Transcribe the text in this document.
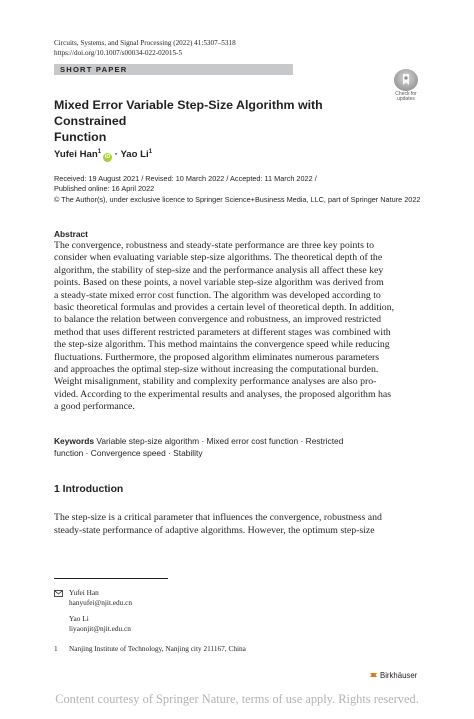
Circuits, Systems, and Signal Processing (2022) 41:5307–5318
https://doi.org/10.1007/s00034-022-02015-5
SHORT PAPER
Check for
updates
Mixed Error Variable Step-Size Algorithm with Constrained
Function
Yufei Han$^1$iD · Yao Li$^1$
Received: 19 August 2021 / Revised: 10 March 2022 / Accepted: 11 March 2022 /
Published online: 16 April 2022
© The Author(s), under exclusive licence to Springer Science+Business Media, LLC, part of Springer Nature 2022
Abstract
The convergence, robustness and steady-state performance are three key points to
consider when evaluating variable step-size algorithms. The theoretical depth of the
algorithm, the stability of step-size and the performance analysis all affect these key
points. Based on these points, a novel variable step-size algorithm was derived from
a steady-state mixed error cost function. The algorithm was developed according to
basic theoretical formulas and provides a certain level of theoretical depth. In addition,
to balance the relation between convergence and robustness, an improved restricted
method that uses different restricted parameters at different stages was combined with
the step-size algorithm. This method maintains the convergence speed while reducing
fluctuations. Furthermore, the proposed algorithm eliminates numerous parameters
and approaches the optimal step-size without increasing the computational burden.
Weight misalignment, stability and complexity performance analyses are also pro-
vided. According to the experimental results and analyses, the proposed algorithm has
a good performance.
Keywords Variable step-size algorithm · Mixed error cost function · Restricted
function · Convergence speed · Stability
1 Introduction
The step-size is a critical parameter that influences the convergence, robustness and
steady-state performance of adaptive algorithms. However, the optimum step-size
Yufei Han
hanyufei@njit.edu.cn
Yao Li
liyaonjit@njit.edu.cn
1 Nanjing Institute of Technology, Nanjing city 211167, China
Birkhäuser
Content courtesy of Springer Nature, terms of use apply. Rights reserved.
